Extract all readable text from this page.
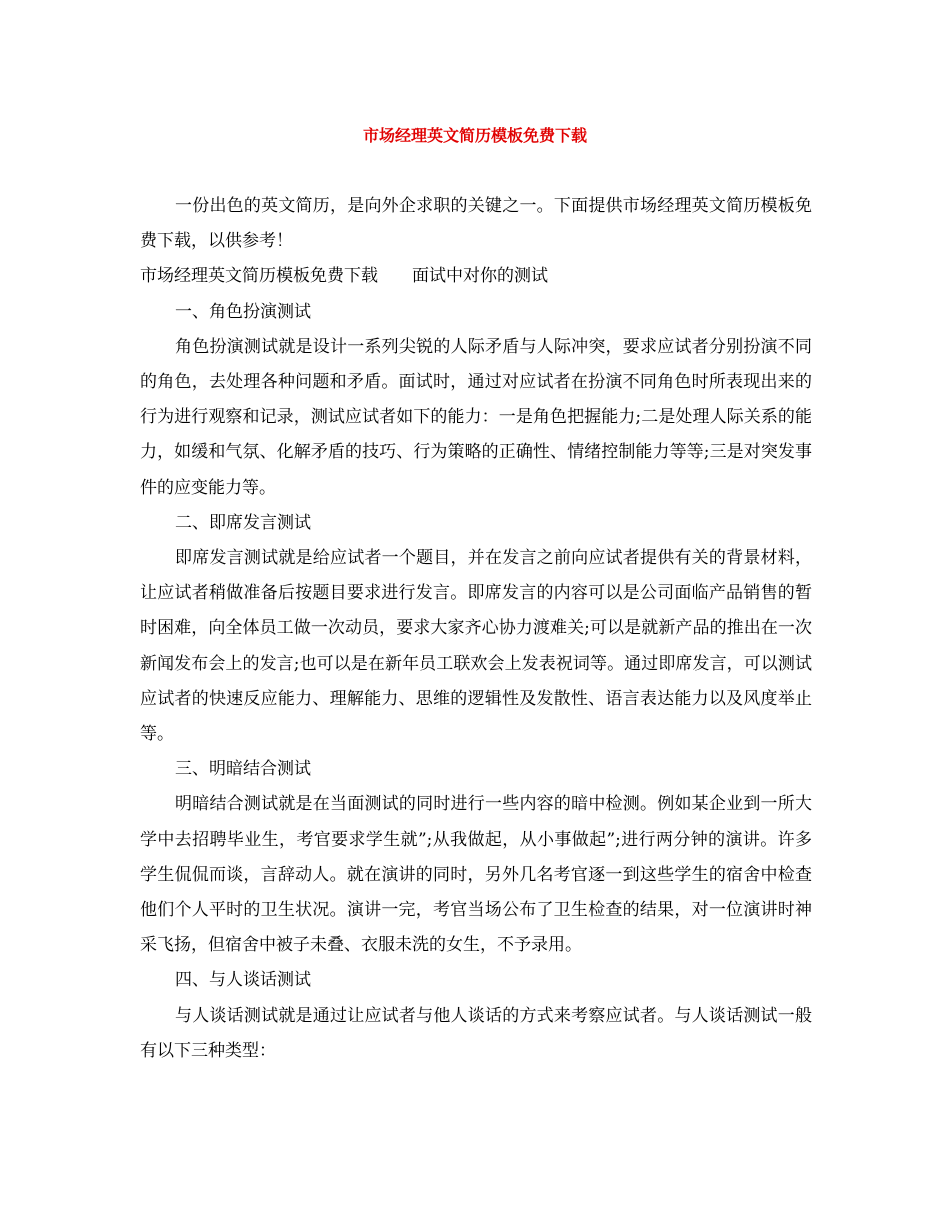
市场经理英文简历模板免费下载

一份出色的英文简历，是向外企求职的关键之一。下面提供市场经理英文简历模板免费下载，以供参考！

市场经理英文简历模板免费下载　　面试中对你的测试

一、角色扮演测试

角色扮演测试就是设计一系列尖锐的人际矛盾与人际冲突，要求应试者分别扮演不同的角色，去处理各种问题和矛盾。面试时，通过对应试者在扮演不同角色时所表现出来的行为进行观察和记录，测试应试者如下的能力：一是角色把握能力;二是处理人际关系的能力，如缓和气氛、化解矛盾的技巧、行为策略的正确性、情绪控制能力等等;三是对突发事件的应变能力等。

二、即席发言测试

即席发言测试就是给应试者一个题目，并在发言之前向应试者提供有关的背景材料，让应试者稍做准备后按题目要求进行发言。即席发言的内容可以是公司面临产品销售的暂时困难，向全体员工做一次动员，要求大家齐心协力渡难关;可以是就新产品的推出在一次新闻发布会上的发言;也可以是在新年员工联欢会上发表祝词等。通过即席发言，可以测试应试者的快速反应能力、理解能力、思维的逻辑性及发散性、语言表达能力以及风度举止等。

三、明暗结合测试

明暗结合测试就是在当面测试的同时进行一些内容的暗中检测。例如某企业到一所大学中去招聘毕业生，考官要求学生就”;从我做起，从小事做起”;进行两分钟的演讲。许多学生侃侃而谈，言辞动人。就在演讲的同时，另外几名考官逐一到这些学生的宿舍中检查他们个人平时的卫生状况。演讲一完，考官当场公布了卫生检查的结果，对一位演讲时神采飞扬，但宿舍中被子未叠、衣服未洗的女生，不予录用。

四、与人谈话测试

与人谈话测试就是通过让应试者与他人谈话的方式来考察应试者。与人谈话测试一般有以下三种类型：
